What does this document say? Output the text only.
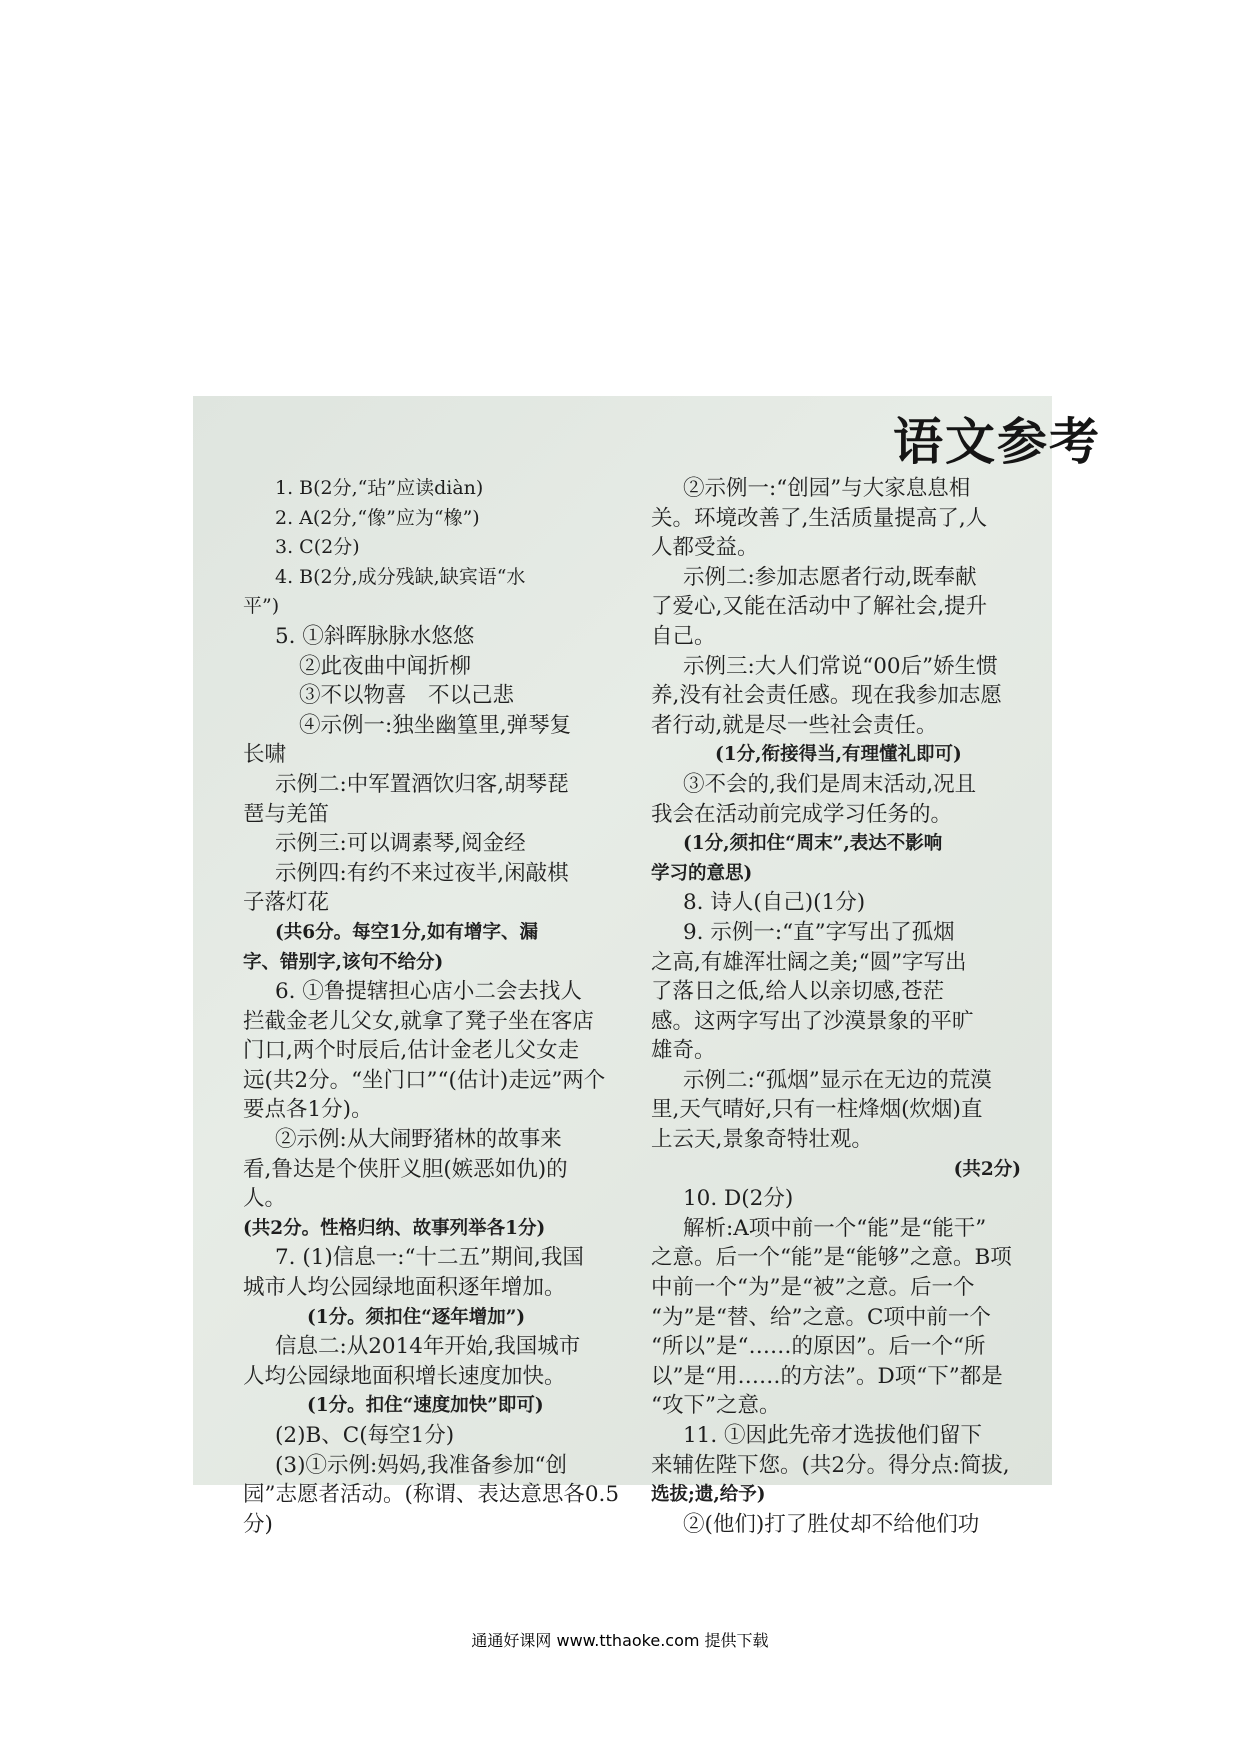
语文参考
1. B(2分,“玷”应读diàn)
2. A(2分,“像”应为“橡”)
3. C(2分)
4. B(2分,成分残缺,缺宾语“水
平”)
5. ①斜晖脉脉水悠悠
②此夜曲中闻折柳
③不以物喜　不以己悲
④示例一:独坐幽篁里,弹琴复
长啸
示例二:中军置酒饮归客,胡琴琵
琶与羌笛
示例三:可以调素琴,阅金经
示例四:有约不来过夜半,闲敲棋
子落灯花
(共6分。每空1分,如有增字、漏
字、错别字,该句不给分)
6. ①鲁提辖担心店小二会去找人
拦截金老儿父女,就拿了凳子坐在客店
门口,两个时辰后,估计金老儿父女走
远(共2分。“坐门口”“(估计)走远”两个
要点各1分)。
②示例:从大闹野猪林的故事来
看,鲁达是个侠肝义胆(嫉恶如仇)的
人。
(共2分。性格归纳、故事列举各1分)
7. (1)信息一:“十二五”期间,我国
城市人均公园绿地面积逐年增加。
(1分。须扣住“逐年增加”)
信息二:从2014年开始,我国城市
人均公园绿地面积增长速度加快。
(1分。扣住“速度加快”即可)
(2)B、C(每空1分)
(3)①示例:妈妈,我准备参加“创
园”志愿者活动。(称谓、表达意思各0.5
分)
②示例一:“创园”与大家息息相
关。环境改善了,生活质量提高了,人
人都受益。
示例二:参加志愿者行动,既奉献
了爱心,又能在活动中了解社会,提升
自己。
示例三:大人们常说“00后”娇生惯
养,没有社会责任感。现在我参加志愿
者行动,就是尽一些社会责任。
(1分,衔接得当,有理懂礼即可)
③不会的,我们是周末活动,况且
我会在活动前完成学习任务的。
(1分,须扣住“周末”,表达不影响
学习的意思)
8. 诗人(自己)(1分)
9. 示例一:“直”字写出了孤烟
之高,有雄浑壮阔之美;“圆”字写出
了落日之低,给人以亲切感,苍茫
感。这两字写出了沙漠景象的平旷
雄奇。
示例二:“孤烟”显示在无边的荒漠
里,天气晴好,只有一柱烽烟(炊烟)直
上云天,景象奇特壮观。
(共2分)
10. D(2分)
解析:A项中前一个“能”是“能干”
之意。后一个“能”是“能够”之意。B项
中前一个“为”是“被”之意。后一个
“为”是“替、给”之意。C项中前一个
“所以”是“……的原因”。后一个“所
以”是“用……的方法”。D项“下”都是
“攻下”之意。
11. ①因此先帝才选拔他们留下
来辅佐陛下您。(共2分。得分点:简拔,
选拔;遗,给予)
②(他们)打了胜仗却不给他们功
通通好课网 www.tthaoke.com 提供下载
